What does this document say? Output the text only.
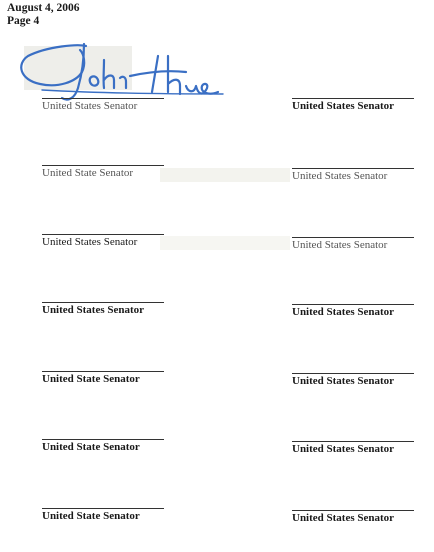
August 4, 2006
Page 4
United States Senator
United State Senator
United States Senator
United States Senator
United State Senator
United State Senator
United State Senator
United States Senator
United States Senator
United States Senator
United States Senator
United States Senator
United States Senator
United States Senator
